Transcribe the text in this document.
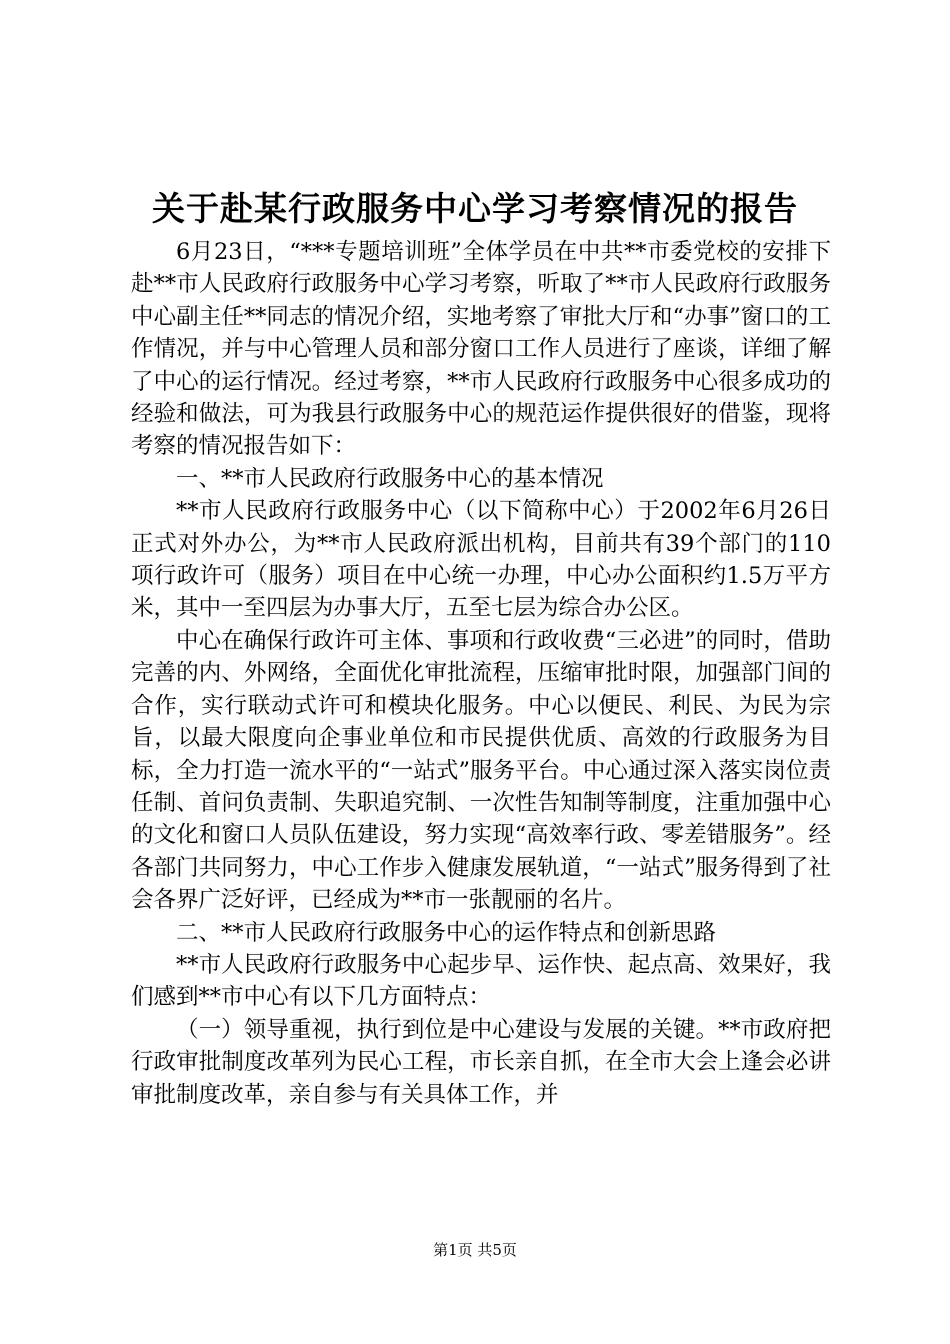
关于赴某行政服务中心学习考察情况的报告

6月23日，“***专题培训班”全体学员在中共**市委党校的安排下赴**市人民政府行政服务中心学习考察，听取了**市人民政府行政服务中心副主任**同志的情况介绍，实地考察了审批大厅和“办事”窗口的工作情况，并与中心管理人员和部分窗口工作人员进行了座谈，详细了解了中心的运行情况。经过考察，**市人民政府行政服务中心很多成功的经验和做法，可为我县行政服务中心的规范运作提供很好的借鉴，现将考察的情况报告如下：

一、**市人民政府行政服务中心的基本情况

**市人民政府行政服务中心（以下简称中心）于2002年6月26日正式对外办公，为**市人民政府派出机构，目前共有39个部门的110项行政许可（服务）项目在中心统一办理，中心办公面积约1.5万平方米，其中一至四层为办事大厅，五至七层为综合办公区。

中心在确保行政许可主体、事项和行政收费“三必进”的同时，借助完善的内、外网络，全面优化审批流程，压缩审批时限，加强部门间的合作，实行联动式许可和模块化服务。中心以便民、利民、为民为宗旨，以最大限度向企事业单位和市民提供优质、高效的行政服务为目标，全力打造一流水平的“一站式”服务平台。中心通过深入落实岗位责任制、首问负责制、失职追究制、一次性告知制等制度，注重加强中心的文化和窗口人员队伍建设，努力实现“高效率行政、零差错服务”。经各部门共同努力，中心工作步入健康发展轨道，“一站式”服务得到了社会各界广泛好评，已经成为**市一张靓丽的名片。

二、**市人民政府行政服务中心的运作特点和创新思路

**市人民政府行政服务中心起步早、运作快、起点高、效果好，我们感到**市中心有以下几方面特点：

（一）领导重视，执行到位是中心建设与发展的关键。**市政府把行政审批制度改革列为民心工程，市长亲自抓，在全市大会上逢会必讲审批制度改革，亲自参与有关具体工作，并

第1页 共5页
